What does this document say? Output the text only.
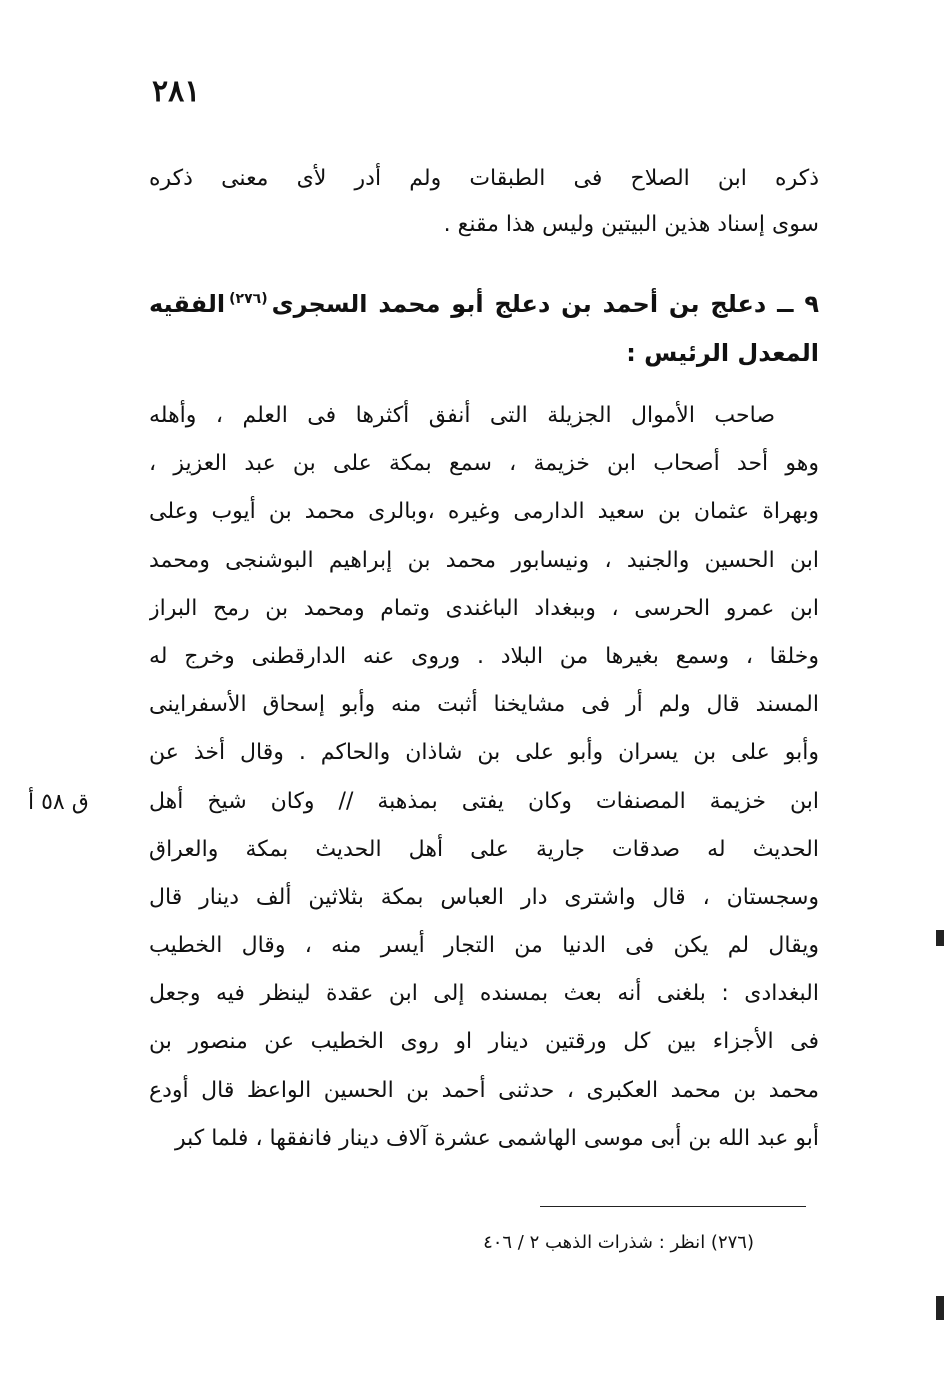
٢٨١
ذكره ابن الصلاح فى الطبقات ولم أدر لأى معنى ذكره
سوى إسناد هذين البيتين وليس هذا مقنع .
٩ ــ دعلج بن أحمد بن دعلج أبو محمد السجرى$^{(٢٧٦)}$الفقيه
المعدل الرئيس :
صاحب الأموال الجزيلة التى أنفق أكثرها فى العلم ، وأهله
وهو أحد أصحاب ابن خزيمة ، سمع بمكة على بن عبد العزيز ،
وبهراة عثمان بن سعيد الدارمى وغيره ،وبالرى محمد بن أيوب وعلى
ابن الحسين والجنيد ، ونيسابور محمد بن إبراهيم البوشنجى ومحمد
ابن عمرو الحرسى ، وببغداد الباغندى وتمام ومحمد بن رمح البراز
وخلقا ، وسمع بغيرها من البلاد . وروى عنه الدارقطنى وخرج له
المسند قال ولم أر فى مشايخنا أثبت منه وأبو إسحاق الأسفراينى
وأبو على بن يسران وأبو على بن شاذان والحاكم . وقال أخذ عن
ابن خزيمة المصنفات وكان يفتى بمذهبة // وكان شيخ أهل
الحديث له صدقات جارية على أهل الحديث بمكة والعراق
وسجستان ، قال واشترى دار العباس بمكة بثلاثين ألف دينار قال
ويقال لم يكن فى الدنيا من التجار أيسر منه ، وقال الخطيب
البغدادى : بلغنى أنه بعث بمسنده إلى ابن عقدة لينظر فيه وجعل
فى الأجزاء بين كل ورقتين دينار او روى الخطيب عن منصور بن
محمد بن محمد العكبرى ، حدثنى أحمد بن الحسين الواعظ قال أودع
أبو عبد الله بن أبى موسى الهاشمى عشرة آلاف دينار فانفقها ، فلما كبر
ق ٥٨ أ
(٢٧٦) انظر : شذرات الذهب ٢ / ٤٠٦
